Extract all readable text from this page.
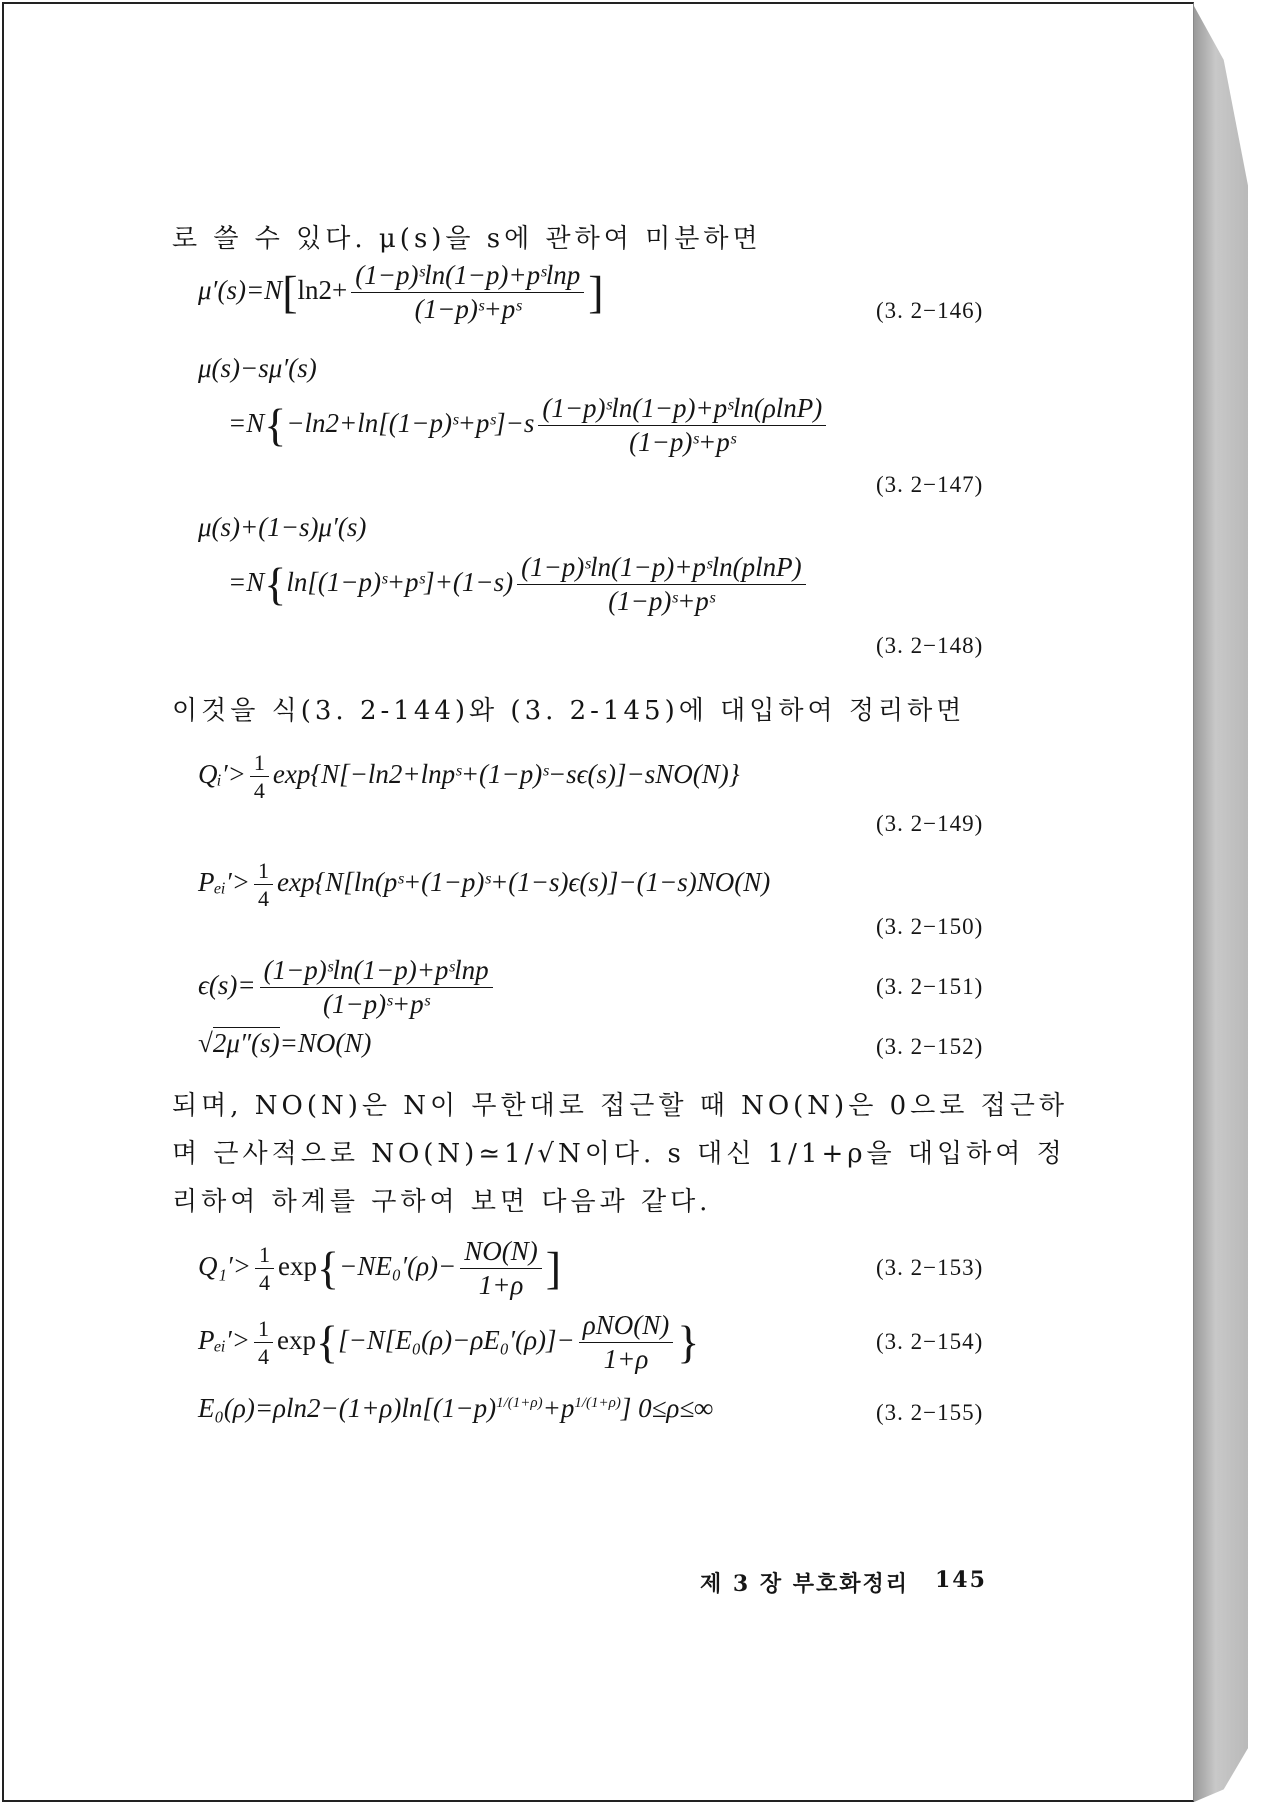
로 쓸 수 있다. μ(s)을 s에 관하여 미분하면
$\mu'(s)=N[\ln 2+ \frac{\text{(1−p)ˢln(1−p)+pˢlnp}}{\text{(1−p)ˢ+pˢ}}$ ]	(3. 2−146)
μ(s)−sμ′(s)
=N{−ln2+ln[(1−p)ˢ+pˢ]−s $\frac{\text{(1−p)ˢln(1−p)+pˢln(ρlnP)}}{\text{(1−p)ˢ+pˢ}}$
(3. 2−147)
μ(s)+(1−s)μ′(s)
=N{ln[(1−p)ˢ+pˢ]+(1−s) $\frac{\text{(1−p)ˢln(1−p)+pˢln(plnP)}}{\text{(1−p)ˢ+pˢ}}$
(3. 2−148)
이것을 식(3. 2-144)와 (3. 2-145)에 대입하여 정리하면
Qᵢ′> $\frac{1}{4}$ exp{N[−ln2+lnpˢ+(1−p)ˢ−sϵ(s)]−sNO(N)}
(3. 2−149)
Pₑᵢ′> $\frac{1}{4}$ exp{N[ln(pˢ+(1−p)ˢ+(1−s)ϵ(s)]−(1−s)NO(N)
(3. 2−150)
$\epsilon(s)= \frac{\text{(1−p)ˢln(1−p)+pˢlnp}}{\text{(1−p)ˢ+pˢ}}$	(3. 2−151)
√2μ″(s)=NO(N)	(3. 2−152)
되며, NO(N)은 N이 무한대로 접근할 때 NO(N)은 0으로 접근하
며 근사적으로 NO(N)≃1/√N이다. s 대신 1/1+ρ을 대입하여 정
리하여 하계를 구하여 보면 다음과 같다.
$Q_1'> \frac{1}{4} \exp\{-NE_0'(\rho)- \frac{NO(N)}{1+\rho}$ ]	(3. 2−153)
Pₑᵢ′> $\frac{1}{4} \exp\{[-N[E_0(\rho)-\rho E_0'(\rho)]- \frac{\text{ρNO(N)}}{1+\rho}$ }	(3. 2−154)
$E_0(\rho)=\rho\ln 2-(1+\rho)\ln[(1-p)^{1/(1+\rho)}+p^{1/(1+\rho)}]$ 0≤ρ≤∞	(3. 2−155)
제 3 장 부호화정리 145
